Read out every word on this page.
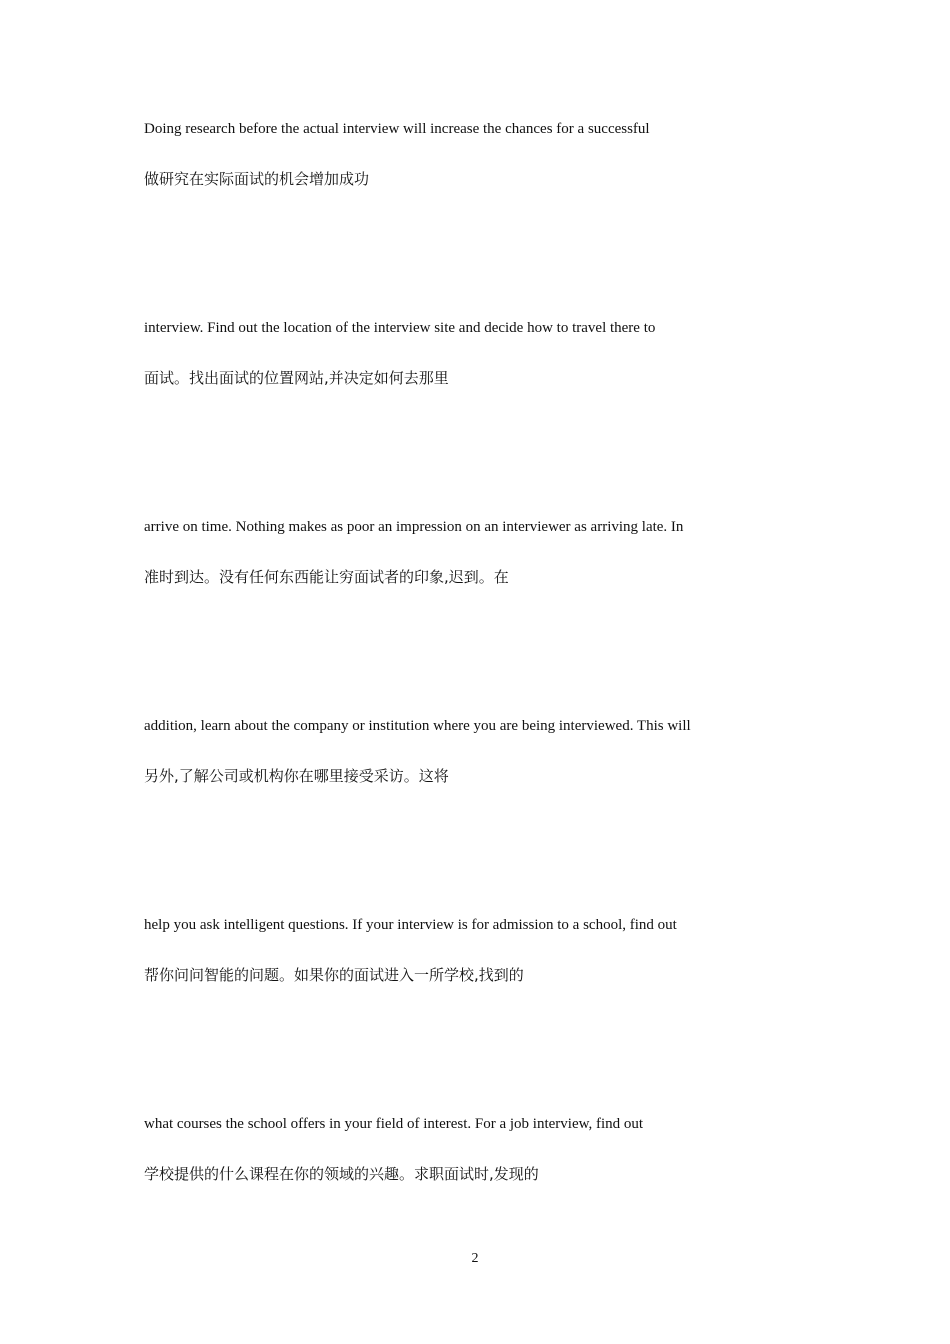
Doing research before the actual interview will increase the chances for a successful
做研究在实际面试的机会增加成功
interview. Find out the location of the interview site and decide how to travel there to
面试。找出面试的位置网站,并决定如何去那里
arrive on time. Nothing makes as poor an impression on an interviewer as arriving late. In
准时到达。没有任何东西能让穷面试者的印象,迟到。在
addition, learn about the company or institution where you are being interviewed. This will
另外,了解公司或机构你在哪里接受采访。这将
help you ask intelligent questions. If your interview is for admission to a school, find out
帮你问问智能的问题。如果你的面试进入一所学校,找到的
what courses the school offers in your field of interest. For a job interview, find out
学校提供的什么课程在你的领域的兴趣。求职面试时,发现的
2
